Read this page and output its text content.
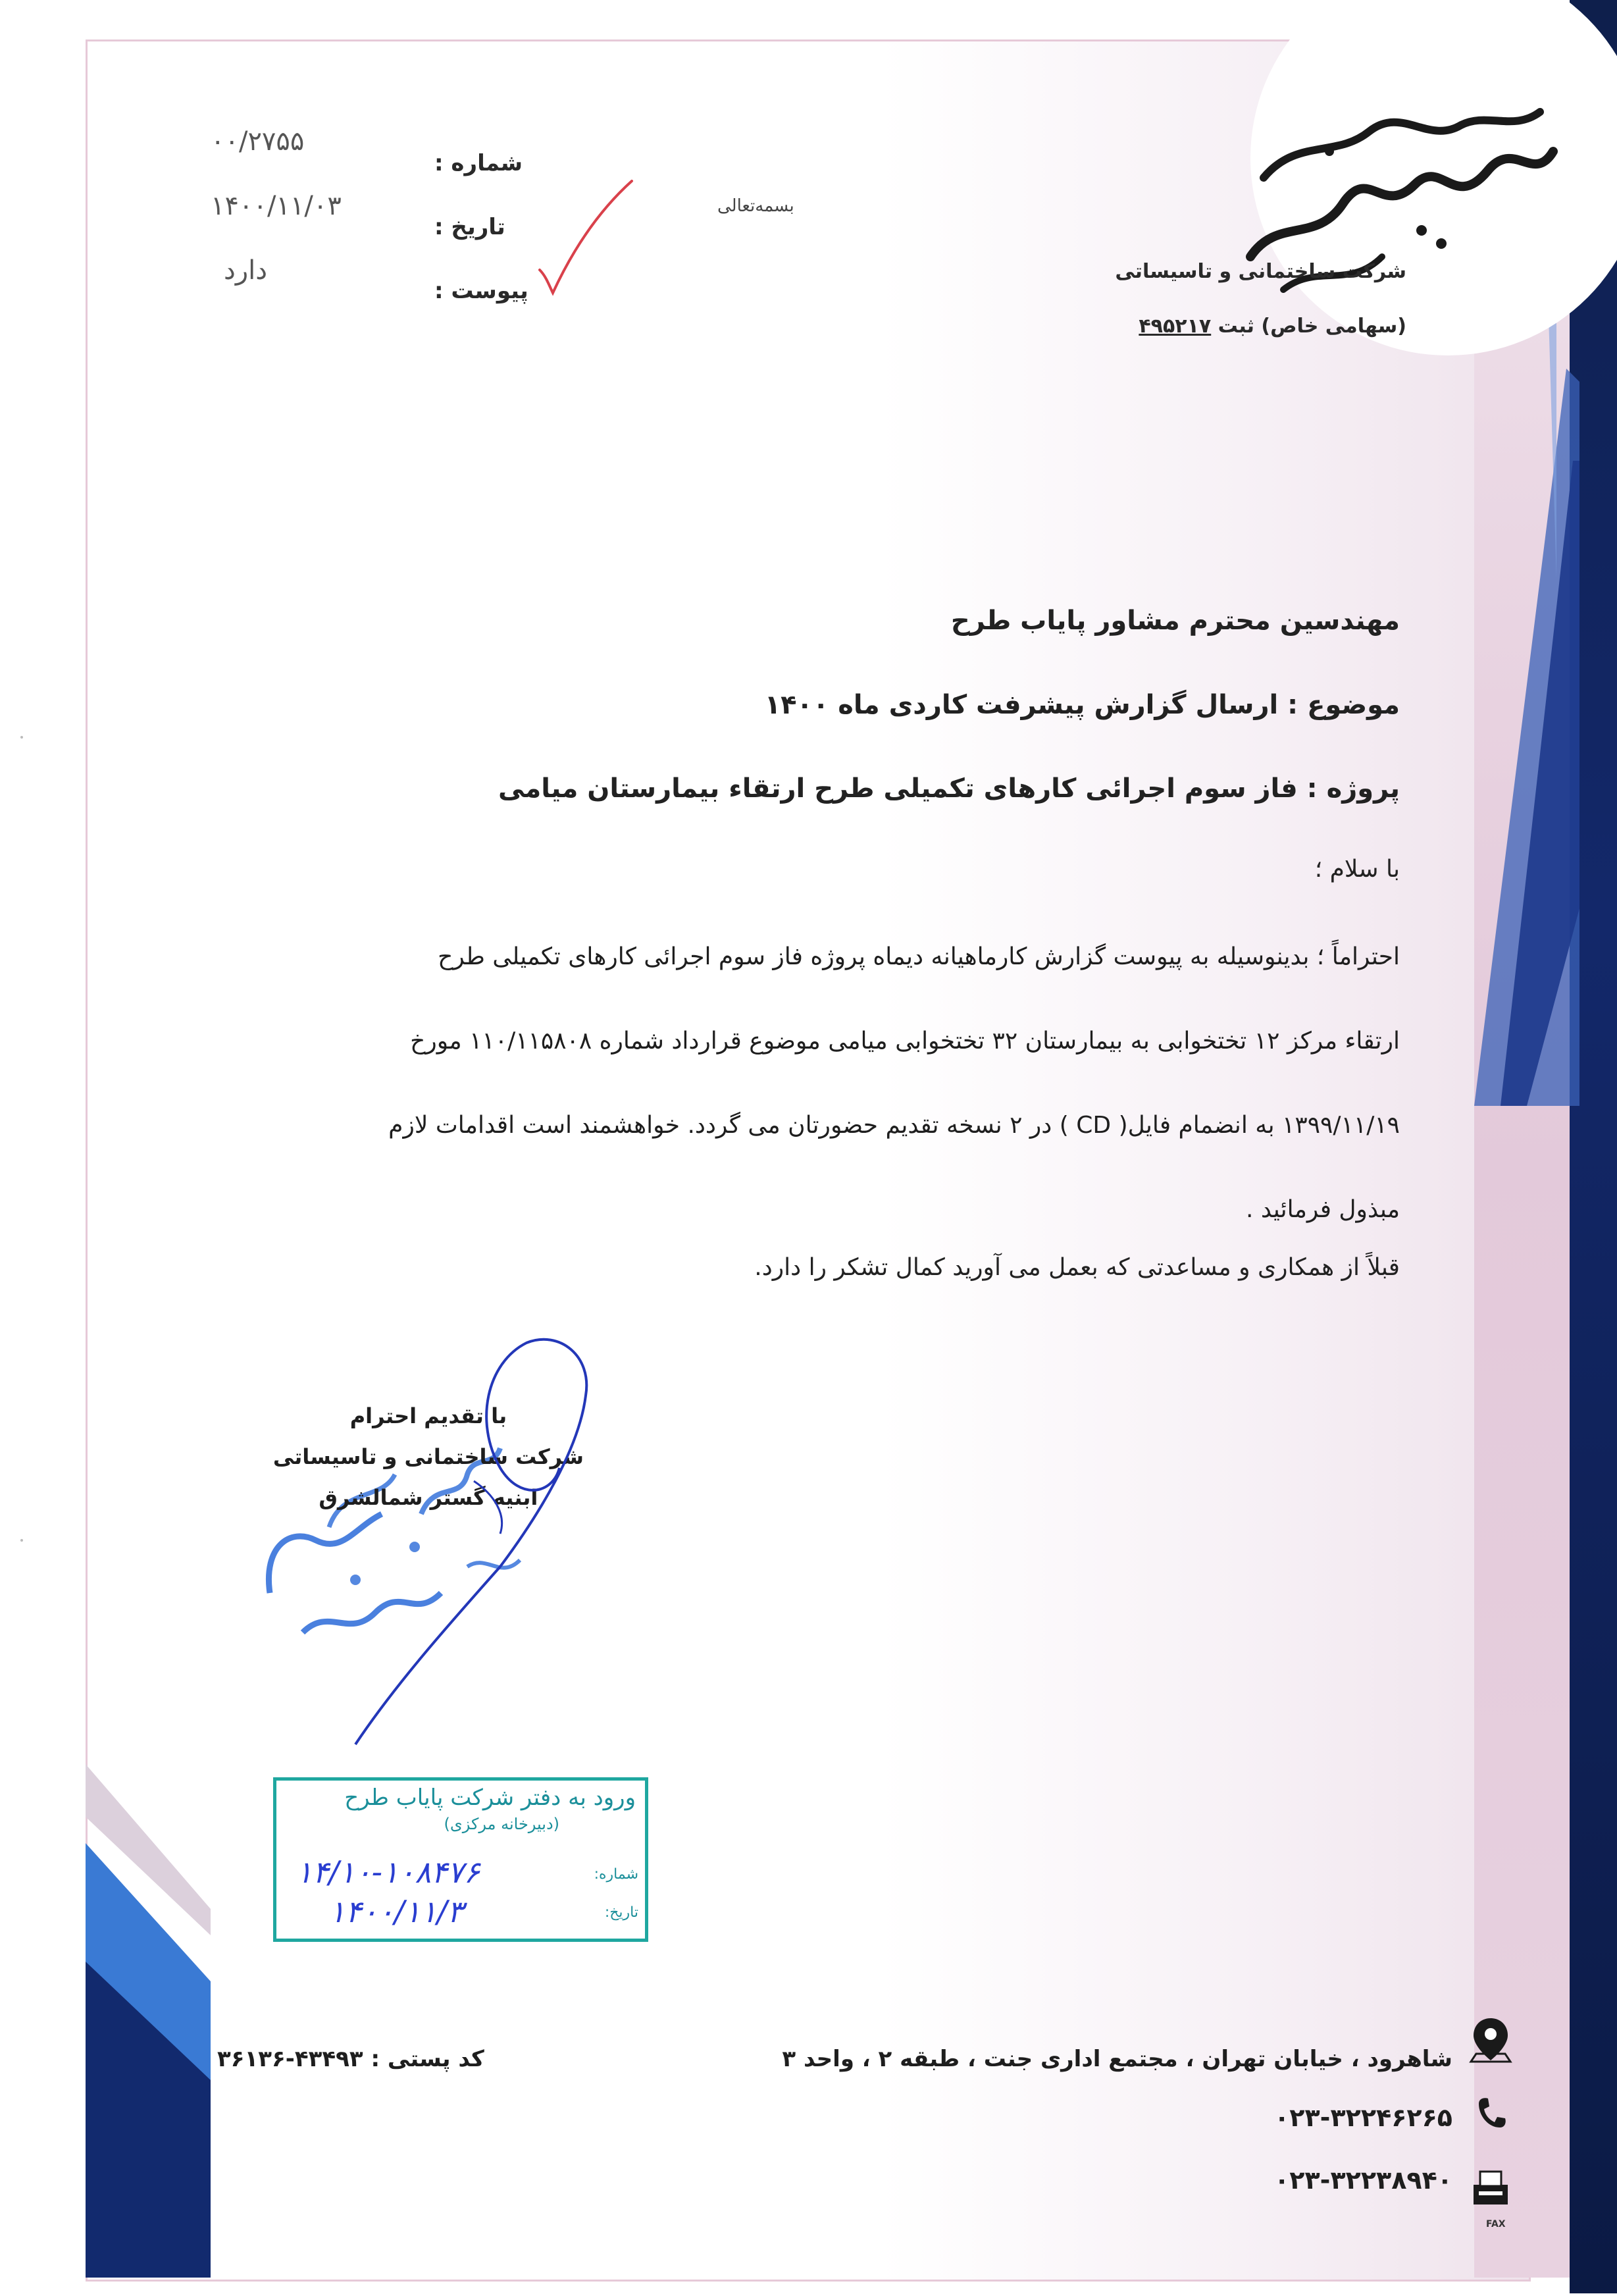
شرکت ساختمانی و تاسیساتی
(سهامی خاص) ثبت ۴۹۵۲۱۷
بسمه‌تعالی
شماره :
۰۰/۲۷۵۵
تاریخ :
۱۴۰۰/۱۱/۰۳
پیوست :
دارد
مهندسین محترم مشاور پایاب طرح
موضوع : ارسال گزارش پیشرفت کاردی ماه ۱۴۰۰
پروژه : فاز سوم اجرائی کارهای تکمیلی طرح ارتقاء بیمارستان میامی
با سلام ؛
احتراماً ؛ بدینوسیله به پیوست گزارش کارماهیانه دیماه پروژه فاز سوم اجرائی کارهای تکمیلی طرح
ارتقاء مرکز ۱۲ تختخوابی به بیمارستان ۳۲ تختخوابی میامی موضوع قرارداد شماره ۱۱۰/۱۱۵۸۰۸ مورخ
۱۳۹۹/۱۱/۱۹ به انضمام فایل( CD ) در ۲ نسخه تقدیم حضورتان می گردد. خواهشمند است اقدامات لازم
مبذول فرمائید .
قبلاً از همکاری و مساعدتی که بعمل می آورید کمال تشکر را دارد.
با تقدیم احترام
شرکت ساختمانی و تاسیساتی
ابنیه گستر شمالشرق
ورود به دفتر شرکت پایاب طرح
(دبیرخانه مرکزی)
شماره:
تاریخ:
۱۴/۱۰-۱۰۸۴۷۶
۱۴۰۰/۱۱/۳
شاهرود ، خیابان تهران ، مجتمع اداری جنت ، طبقه ۲ ، واحد ۳
کد پستی : ۴۳۴۹۳-۳۶۱۳۶
۰۲۳-۳۲۲۴۶۲۶۵
۰۲۳-۳۲۲۳۸۹۴۰
FAX
